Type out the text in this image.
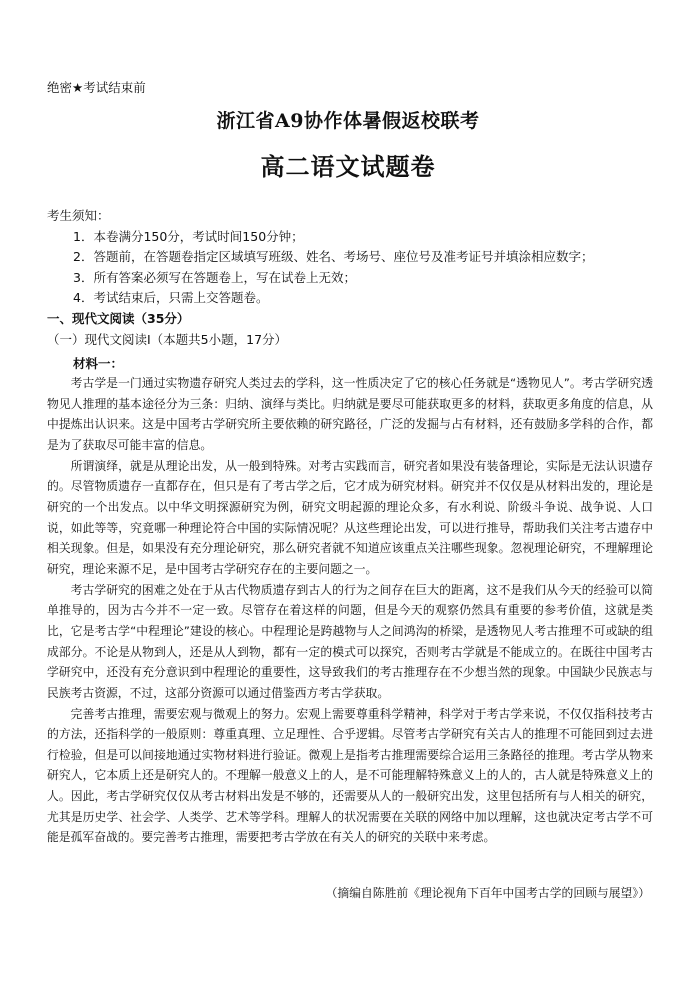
绝密★考试结束前
浙江省A9协作体暑假返校联考
高二语文试题卷
考生须知：
1．本卷满分150分，考试时间150分钟；
2．答题前，在答题卷指定区域填写班级、姓名、考场号、座位号及准考证号并填涂相应数字；
3．所有答案必须写在答题卷上，写在试卷上无效；
4．考试结束后，只需上交答题卷。
一、现代文阅读（35分）
（一）现代文阅读Ⅰ（本题共5小题，17分）
材料一：

考古学是一门通过实物遗存研究人类过去的学科，这一性质决定了它的核心任务就是“透物见人”。考古学研究透物见人推理的基本途径分为三条：归纳、演绎与类比。归纳就是要尽可能获取更多的材料，获取更多角度的信息，从中提炼出认识来。这是中国考古学研究所主要依赖的研究路径，广泛的发掘与占有材料，还有鼓励多学科的合作，都是为了获取尽可能丰富的信息。

所谓演绎，就是从理论出发，从一般到特殊。对考古实践而言，研究者如果没有装备理论，实际是无法认识遗存的。尽管物质遗存一直都存在，但只是有了考古学之后，它才成为研究材料。研究并不仅仅是从材料出发的，理论是研究的一个出发点。以中华文明探源研究为例，研究文明起源的理论众多，有水利说、阶级斗争说、战争说、人口说，如此等等，究竟哪一种理论符合中国的实际情况呢？从这些理论出发，可以进行推导，帮助我们关注考古遗存中相关现象。但是，如果没有充分理论研究，那么研究者就不知道应该重点关注哪些现象。忽视理论研究，不理解理论研究，理论来源不足，是中国考古学研究存在的主要问题之一。

考古学研究的困难之处在于从古代物质遗存到古人的行为之间存在巨大的距离，这不是我们从今天的经验可以简单推导的，因为古今并不一定一致。尽管存在着这样的问题，但是今天的观察仍然具有重要的参考价值，这就是类比，它是考古学“中程理论”建设的核心。中程理论是跨越物与人之间鸿沟的桥梁，是透物见人考古推理不可或缺的组成部分。不论是从物到人，还是从人到物，都有一定的模式可以探究，否则考古学就是不能成立的。在既往中国考古学研究中，还没有充分意识到中程理论的重要性，这导致我们的考古推理存在不少想当然的现象。中国缺少民族志与民族考古资源，不过，这部分资源可以通过借鉴西方考古学获取。

完善考古推理，需要宏观与微观上的努力。宏观上需要尊重科学精神，科学对于考古学来说，不仅仅指科技考古的方法，还指科学的一般原则：尊重真理、立足理性、合乎逻辑。尽管考古学研究有关古人的推理不可能回到过去进行检验，但是可以间接地通过实物材料进行验证。微观上是指考古推理需要综合运用三条路径的推理。考古学从物来研究人，它本质上还是研究人的。不理解一般意义上的人，是不可能理解特殊意义上的人的，古人就是特殊意义上的人。因此，考古学研究仅仅从考古材料出发是不够的，还需要从人的一般研究出发，这里包括所有与人相关的研究，尤其是历史学、社会学、人类学、艺术等学科。理解人的状况需要在关联的网络中加以理解，这也就决定考古学不可能是孤军奋战的。要完善考古推理，需要把考古学放在有关人的研究的关联中来考虑。

（摘编自陈胜前《理论视角下百年中国考古学的回顾与展望》）
